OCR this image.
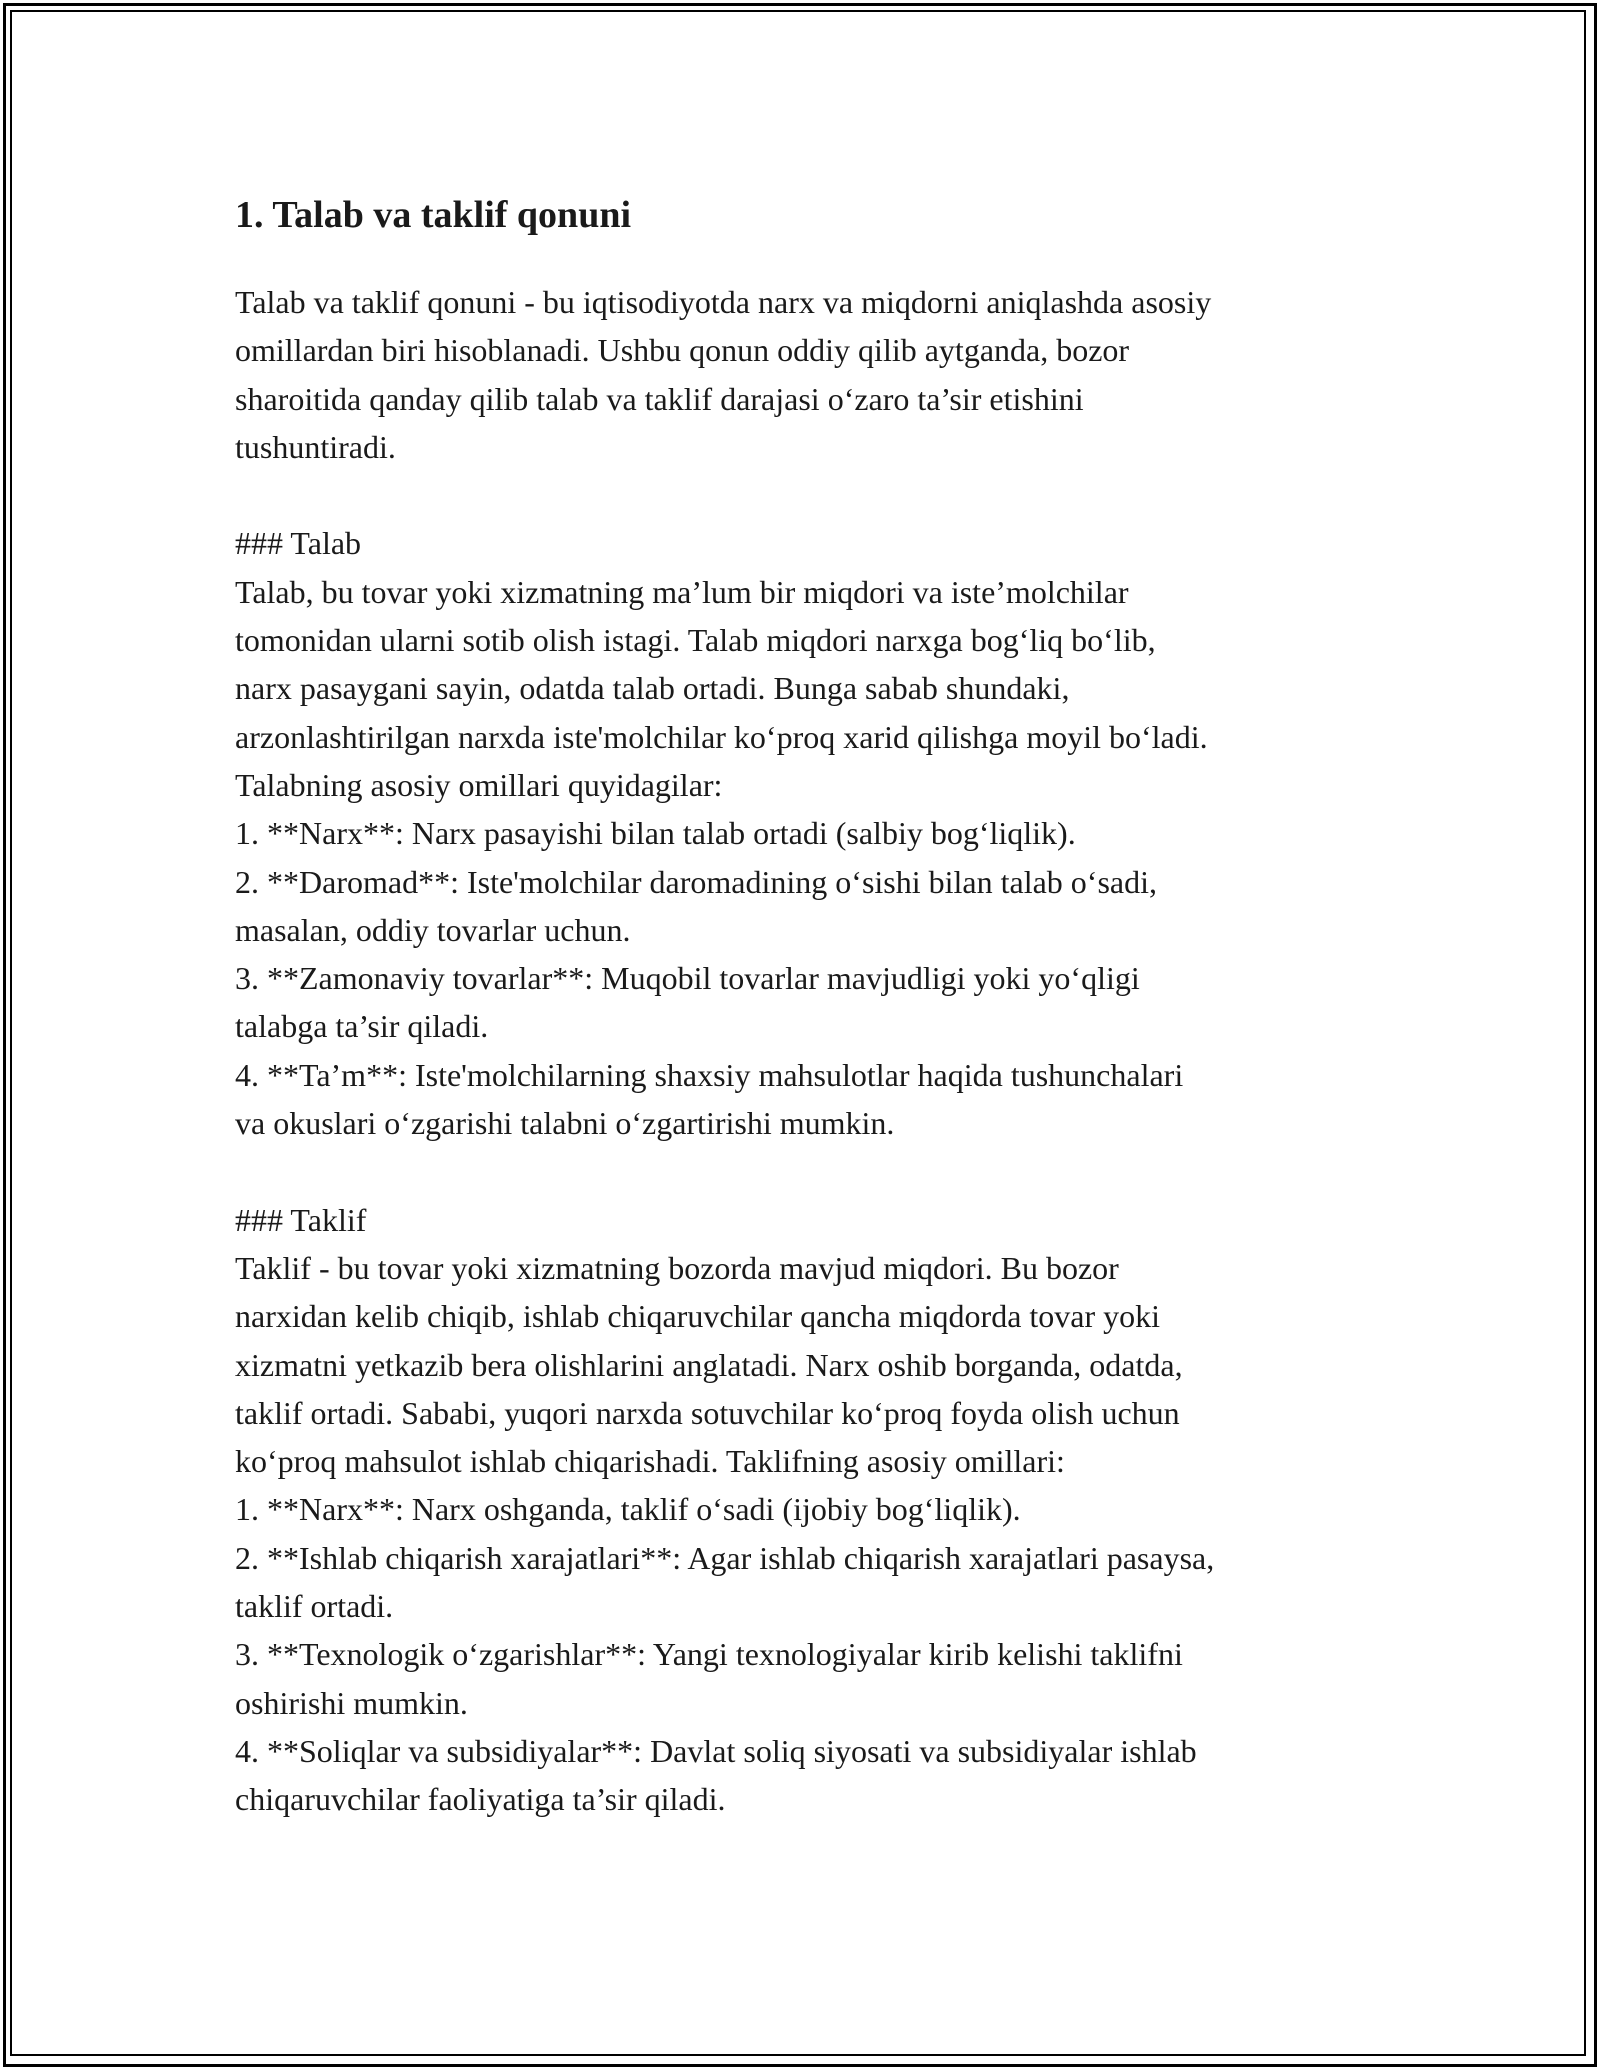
1. Talab va taklif qonuni

Talab va taklif qonuni - bu iqtisodiyotda narx va miqdorni aniqlashda asosiy

omillardan biri hisoblanadi. Ushbu qonun oddiy qilib aytganda, bozor

sharoitida qanday qilib talab va taklif darajasi o‘zaro ta’sir etishini

tushuntiradi.

### Talab

Talab, bu tovar yoki xizmatning ma’lum bir miqdori va iste’molchilar

tomonidan ularni sotib olish istagi. Talab miqdori narxga bog‘liq bo‘lib,

narx pasaygani sayin, odatda talab ortadi. Bunga sabab shundaki,

arzonlashtirilgan narxda iste'molchilar ko‘proq xarid qilishga moyil bo‘ladi.

Talabning asosiy omillari quyidagilar:

1. **Narx**: Narx pasayishi bilan talab ortadi (salbiy bog‘liqlik).

2. **Daromad**: Iste'molchilar daromadining o‘sishi bilan talab o‘sadi,

masalan, oddiy tovarlar uchun.

3. **Zamonaviy tovarlar**: Muqobil tovarlar mavjudligi yoki yo‘qligi

talabga ta’sir qiladi.

4. **Ta’m**: Iste'molchilarning shaxsiy mahsulotlar haqida tushunchalari

va okuslari o‘zgarishi talabni o‘zgartirishi mumkin.

### Taklif

Taklif - bu tovar yoki xizmatning bozorda mavjud miqdori. Bu bozor

narxidan kelib chiqib, ishlab chiqaruvchilar qancha miqdorda tovar yoki

xizmatni yetkazib bera olishlarini anglatadi. Narx oshib borganda, odatda,

taklif ortadi. Sababi, yuqori narxda sotuvchilar ko‘proq foyda olish uchun

ko‘proq mahsulot ishlab chiqarishadi. Taklifning asosiy omillari:

1. **Narx**: Narx oshganda, taklif o‘sadi (ijobiy bog‘liqlik).

2. **Ishlab chiqarish xarajatlari**: Agar ishlab chiqarish xarajatlari pasaysa,

taklif ortadi.

3. **Texnologik o‘zgarishlar**: Yangi texnologiyalar kirib kelishi taklifni

oshirishi mumkin.

4. **Soliqlar va subsidiyalar**: Davlat soliq siyosati va subsidiyalar ishlab

chiqaruvchilar faoliyatiga ta’sir qiladi.
